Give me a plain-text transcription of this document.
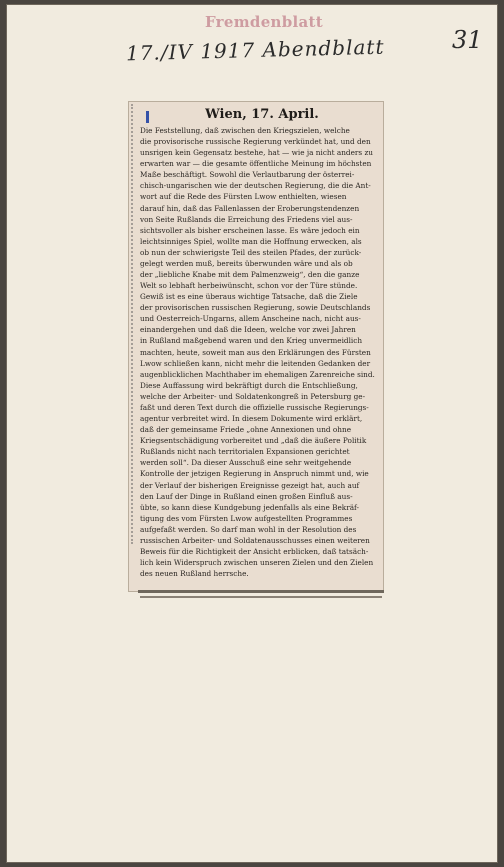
Fremdenblatt
17./IV 1917 Abendblatt	31
Wien, 17. April.
Die Feststellung, daß zwischen den Kriegszielen, welche
die provisorische russische Regierung verkündet hat, und den
unsrigen kein Gegensatz bestehe, hat — wie ja nicht anders zu
erwarten war — die gesamte öffentliche Meinung im höchsten
Maße beschäftigt. Sowohl die Verlautbarung der österrei-
chisch-ungarischen wie der deutschen Regierung, die die Ant-
wort auf die Rede des Fürsten Lwow enthielten, wiesen
darauf hin, daß das Fallenlassen der Eroberungstendenzen
von Seite Rußlands die Erreichung des Friedens viel aus-
sichtsvoller als bisher erscheinen lasse. Es wäre jedoch ein
leichtsinniges Spiel, wollte man die Hoffnung erwecken, als
ob nun der schwierigste Teil des steilen Pfades, der zurück-
gelegt werden muß, bereits überwunden wäre und als ob
der „liebliche Knabe mit dem Palmenzweig“, den die ganze
Welt so lebhaft herbeiwünscht, schon vor der Türe stünde.
Gewiß ist es eine überaus wichtige Tatsache, daß die Ziele
der provisorischen russischen Regierung, sowie Deutschlands
und Oesterreich-Ungarns, allem Anscheine nach, nicht aus-
einandergehen und daß die Ideen, welche vor zwei Jahren
in Rußland maßgebend waren und den Krieg unvermeidlich
machten, heute, soweit man aus den Erklärungen des Fürsten
Lwow schließen kann, nicht mehr die leitenden Gedanken der
augenblicklichen Machthaber im ehemaligen Zarenreiche sind.
Diese Auffassung wird bekräftigt durch die Entschließung,
welche der Arbeiter- und Soldatenkongreß in Petersburg ge-
faßt und deren Text durch die offizielle russische Regierungs-
agentur verbreitet wird. In diesem Dokumente wird erklärt,
daß der gemeinsame Friede „ohne Annexionen und ohne
Kriegsentschädigung vorbereitet und „daß die äußere Politik
Rußlands nicht nach territorialen Expansionen gerichtet
werden soll“. Da dieser Ausschuß eine sehr weitgehende
Kontrolle der jetzigen Regierung in Anspruch nimmt und, wie
der Verlauf der bisherigen Ereignisse gezeigt hat, auch auf
den Lauf der Dinge in Rußland einen großen Einfluß aus-
übte, so kann diese Kundgebung jedenfalls als eine Bekräf-
tigung des vom Fürsten Lwow aufgestellten Programmes
aufgefaßt werden. So darf man wohl in der Resolution des
russischen Arbeiter- und Soldatenausschusses einen weiteren
Beweis für die Richtigkeit der Ansicht erblicken, daß tatsäch-
lich kein Widerspruch zwischen unseren Zielen und den Zielen
des neuen Rußland herrsche.
